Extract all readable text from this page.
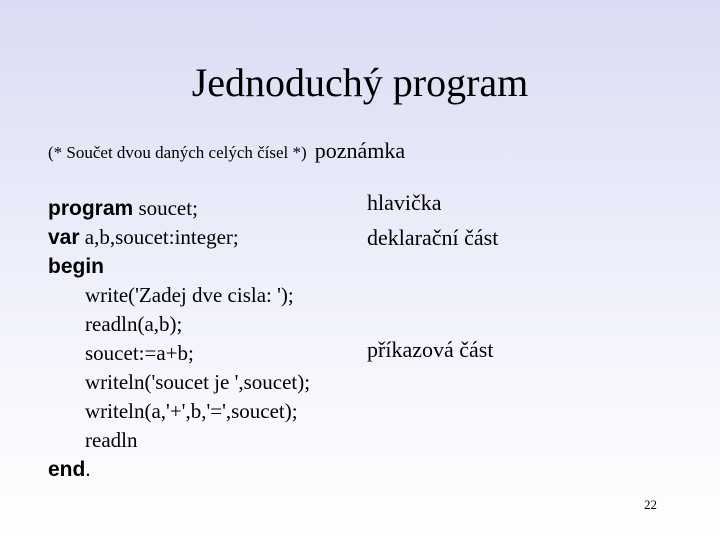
Jednoduchý program
(* Součet dvou daných celých čísel *) poznámka
program soucet;
var a,b,soucet:integer;
begin
write('Zadej dve cisla: ');
readln(a,b);
soucet:=a+b;
writeln('soucet je ',soucet);
writeln(a,'+',b,'=',soucet);
readln
end.
hlavička
deklarační část
příkazová část
22
